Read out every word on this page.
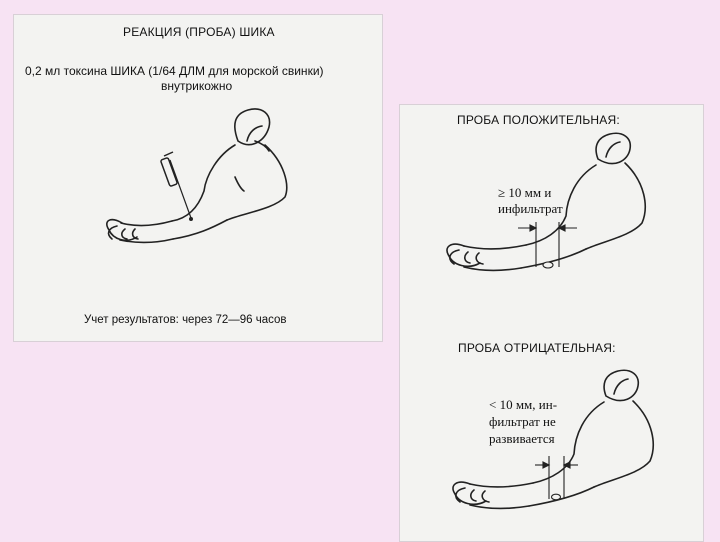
РЕАКЦИЯ (ПРОБА) ШИКА
0,2 мл токсина ШИКА (1/64 ДЛМ для морской свинки)
внутрикожно
Учет результатов: через 72—96 часов
ПРОБА ПОЛОЖИТЕЛЬНАЯ:
≥ 10 мм и
инфильтрат
ПРОБА ОТРИЦАТЕЛЬНАЯ:
< 10 мм, ин-
фильтрат не
развивается
